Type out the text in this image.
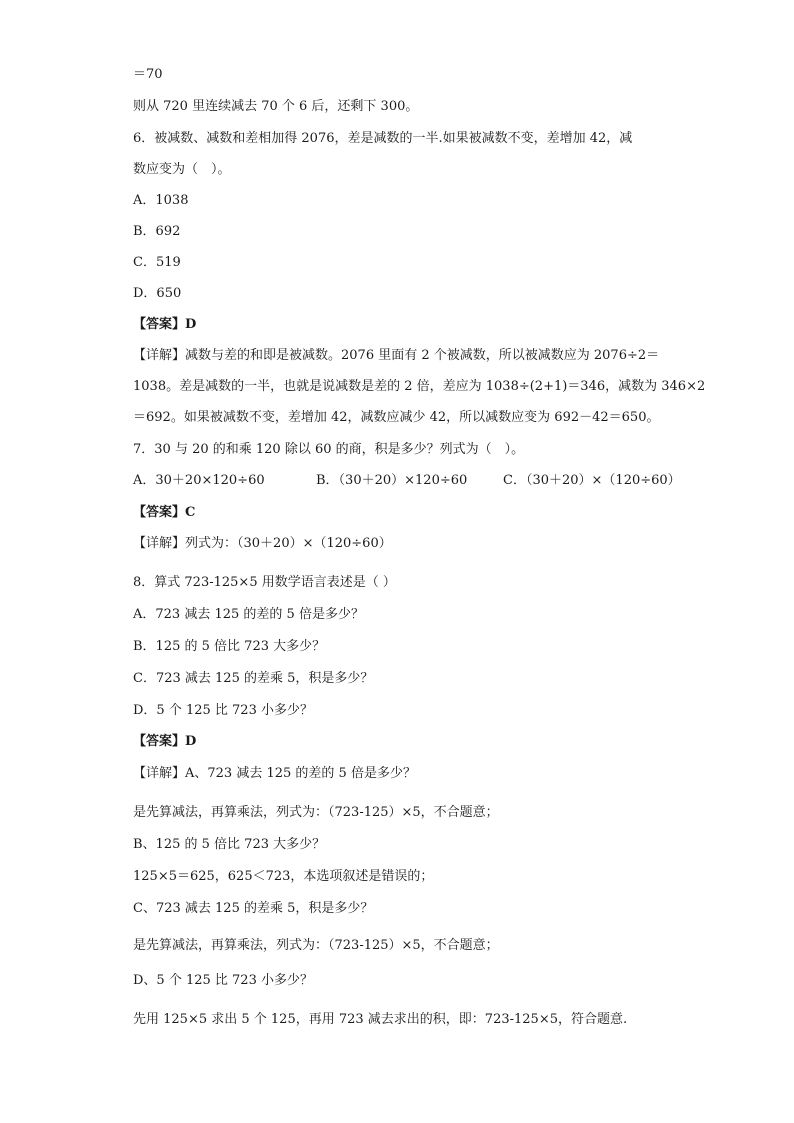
＝70
则从 720 里连续减去 70 个 6 后，还剩下 300。
6．被减数、减数和差相加得 2076，差是减数的一半.如果被减数不变，差增加 42，减
数应变为（　）。
A．1038
B．692
C．519
D．650
【答案】D
【详解】减数与差的和即是被减数。2076 里面有 2 个被减数，所以被减数应为 2076÷2＝
1038。差是减数的一半，也就是说减数是差的 2 倍，差应为 1038÷(2+1)＝346，减数为 346×2
＝692。如果被减数不变，差增加 42，减数应减少 42，所以减数应变为 692－42＝650。
7．30 与 20 的和乘 120 除以 60 的商，积是多少？列式为（　）。
A．30＋20×120÷60	B．（30＋20）×120÷60	C．（30＋20）×（120÷60）
【答案】C
【详解】列式为：（30＋20）×（120÷60）
8．算式 723-125×5 用数学语言表述是（ ）
A．723 减去 125 的差的 5 倍是多少？
B．125 的 5 倍比 723 大多少？
C．723 减去 125 的差乘 5，积是多少？
D．5 个 125 比 723 小多少？
【答案】D
【详解】A、723 减去 125 的差的 5 倍是多少？
是先算减法，再算乘法，列式为：（723-125）×5，不合题意；
B、125 的 5 倍比 723 大多少？
125×5＝625，625＜723，本选项叙述是错误的；
C、723 减去 125 的差乘 5，积是多少？
是先算减法，再算乘法，列式为：（723-125）×5，不合题意；
D、5 个 125 比 723 小多少？
先用 125×5 求出 5 个 125，再用 723 减去求出的积，即：723-125×5，符合题意.
